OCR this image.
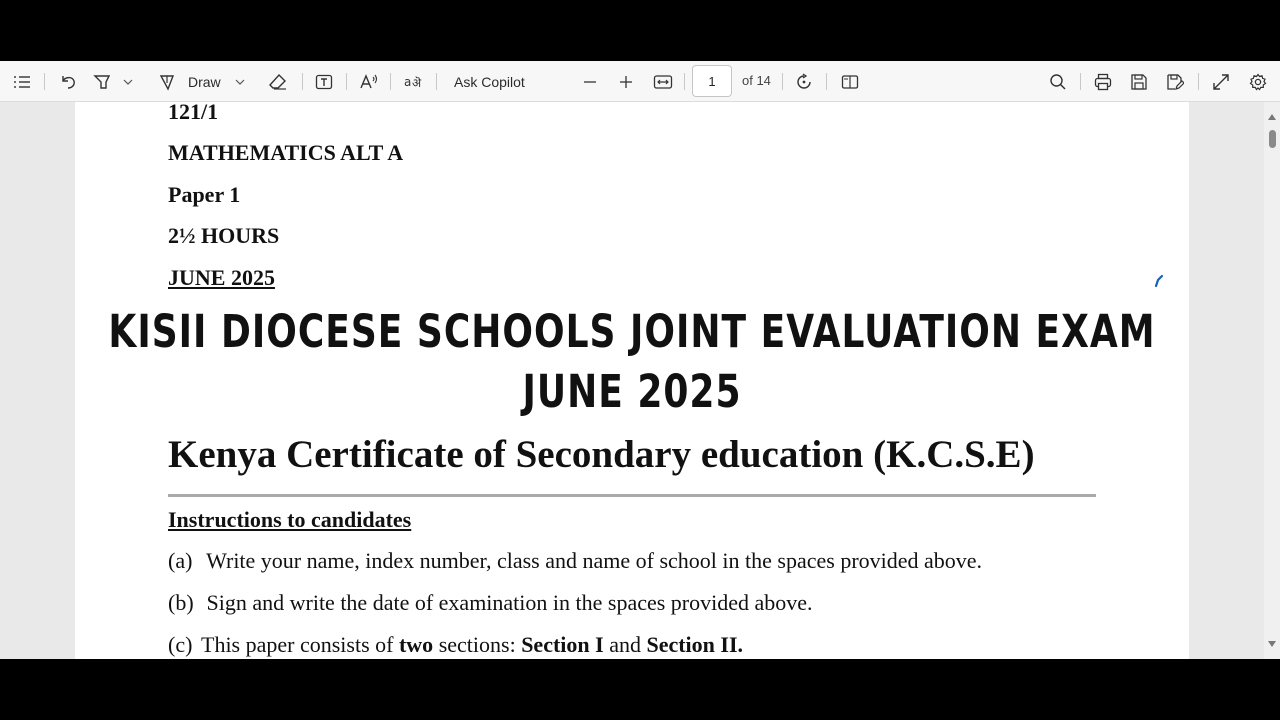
Draw	a ऄ Ask Copilot
1	of 14
121/1
MATHEMATICS ALT A
Paper 1
2½ HOURS
JUNE 2025
KISII DIOCESE SCHOOLS JOINT EVALUATION EXAM
JUNE 2025
Kenya Certificate of Secondary education (K.C.S.E)
Instructions to candidates
(a) Write your name, index number, class and name of school in the spaces provided above.
(b) Sign and write the date of examination in the spaces provided above.
(c) This paper consists of two sections: Section I and Section II.
